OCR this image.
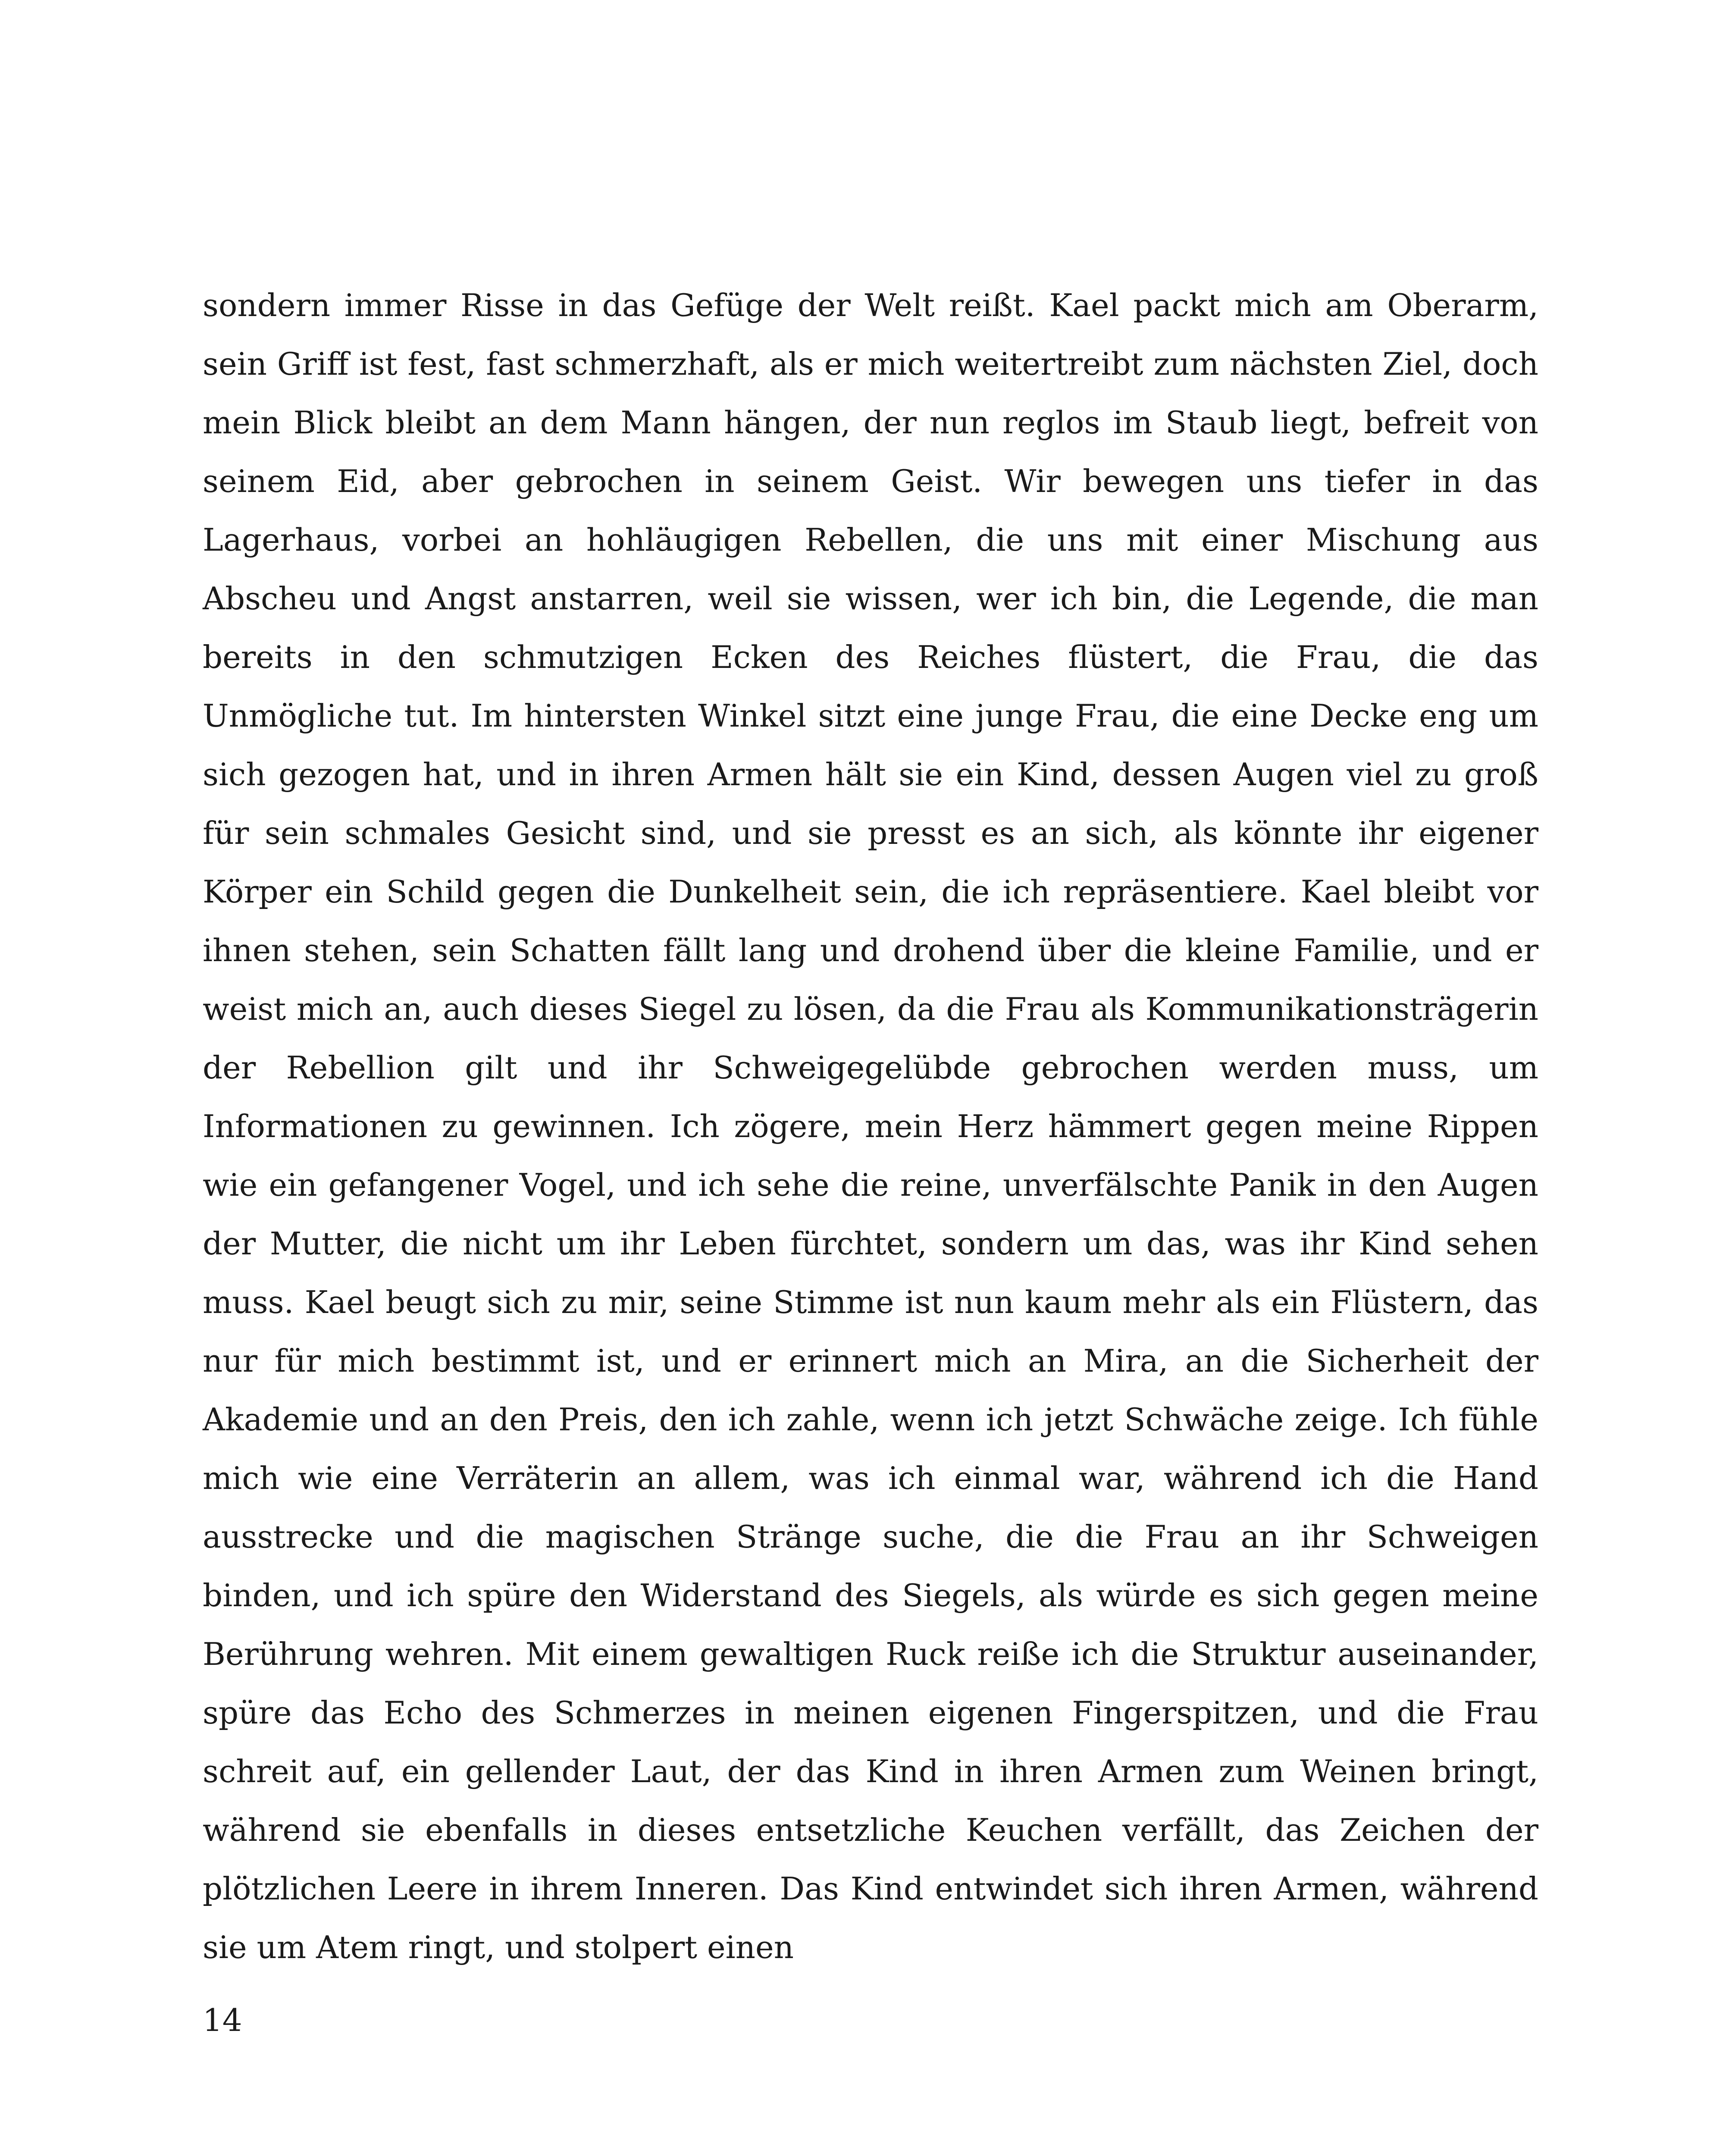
sondern immer Risse in das Gefüge der Welt reißt. Kael packt mich am Oberarm, sein Griff ist fest, fast schmerzhaft, als er mich weitertreibt zum nächsten Ziel, doch mein Blick bleibt an dem Mann hängen, der nun reglos im Staub liegt, befreit von seinem Eid, aber gebrochen in seinem Geist. Wir bewegen uns tiefer in das Lagerhaus, vorbei an hohläugigen Rebellen, die uns mit einer Mischung aus Abscheu und Angst anstarren, weil sie wissen, wer ich bin, die Legende, die man bereits in den schmutzigen Ecken des Reiches flüstert, die Frau, die das Unmögliche tut. Im hintersten Winkel sitzt eine junge Frau, die eine Decke eng um sich gezogen hat, und in ihren Armen hält sie ein Kind, dessen Augen viel zu groß für sein schmales Gesicht sind, und sie presst es an sich, als könnte ihr eigener Körper ein Schild gegen die Dunkelheit sein, die ich repräsentiere. Kael bleibt vor ihnen stehen, sein Schatten fällt lang und drohend über die kleine Familie, und er weist mich an, auch dieses Siegel zu lösen, da die Frau als Kommunikationsträgerin der Rebellion gilt und ihr Schweigegelübde gebrochen werden muss, um Informationen zu gewinnen. Ich zögere, mein Herz hämmert gegen meine Rippen wie ein gefangener Vogel, und ich sehe die reine, unverfälschte Panik in den Augen der Mutter, die nicht um ihr Leben fürchtet, sondern um das, was ihr Kind sehen muss. Kael beugt sich zu mir, seine Stimme ist nun kaum mehr als ein Flüstern, das nur für mich bestimmt ist, und er erinnert mich an Mira, an die Sicherheit der Akademie und an den Preis, den ich zahle, wenn ich jetzt Schwäche zeige. Ich fühle mich wie eine Verräterin an allem, was ich einmal war, während ich die Hand ausstrecke und die magischen Stränge suche, die die Frau an ihr Schweigen binden, und ich spüre den Widerstand des Siegels, als würde es sich gegen meine Berührung wehren. Mit einem gewaltigen Ruck reiße ich die Struktur auseinander, spüre das Echo des Schmerzes in meinen eigenen Fingerspitzen, und die Frau schreit auf, ein gellender Laut, der das Kind in ihren Armen zum Weinen bringt, während sie ebenfalls in dieses entsetzliche Keuchen verfällt, das Zeichen der plötzlichen Leere in ihrem Inneren. Das Kind entwindet sich ihren Armen, während sie um Atem ringt, und stolpert einen

14
